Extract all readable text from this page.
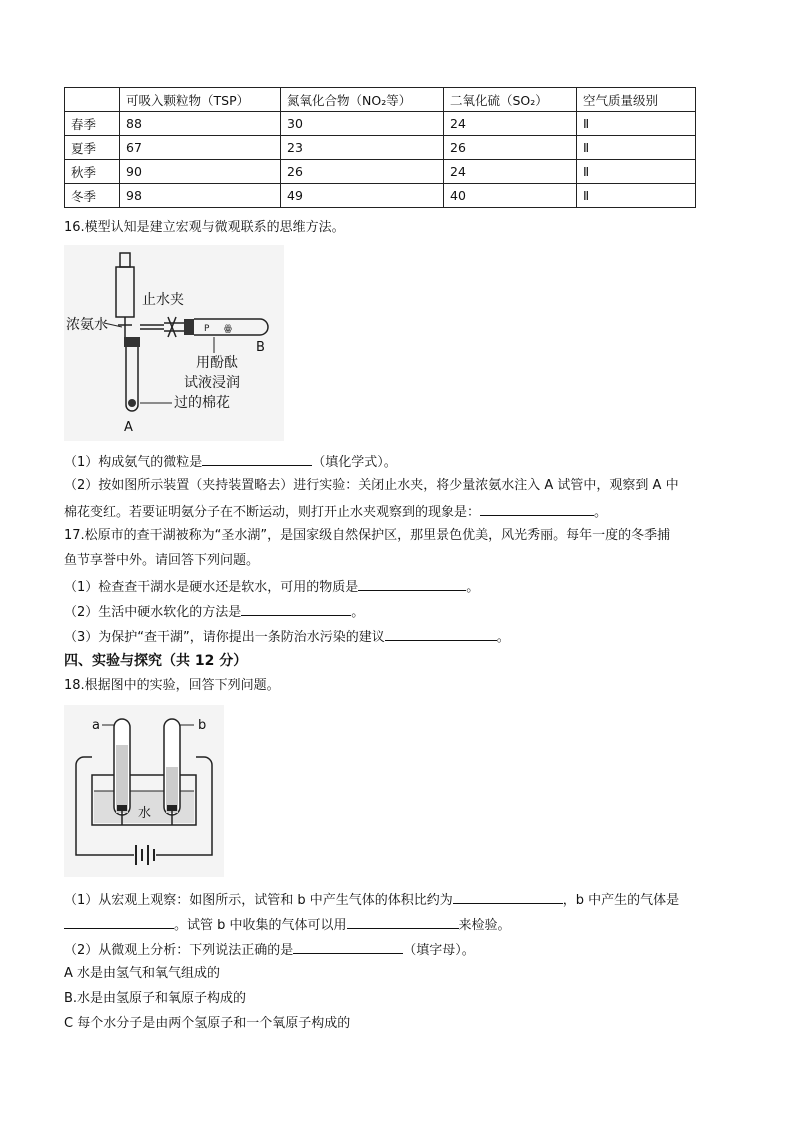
	可吸入颗粒物（TSP）	氮氧化合物（NO₂等）	二氧化硫（SO₂）	空气质量级别
春季	88	30	24	Ⅱ
夏季	67	23	26	Ⅱ
秋季	90	26	24	Ⅱ
冬季	98	49	40	Ⅱ
16.模型认知是建立宏观与微观联系的思维方法。
P ꙮ
止水夹
浓氨水
B
用酚酞
试液浸润
过的棉花
A
（1）构成氨气的微粒是	（填化学式）。
（2）按如图所示装置（夹持装置略去）进行实验：关闭止水夹，将少量浓氨水注入 A 试管中，观察到 A 中
棉花变红。若要证明氨分子在不断运动，则打开止水夹观察到的现象是：	。
17.松原市的查干湖被称为“圣水湖”，是国家级自然保护区，那里景色优美，风光秀丽。每年一度的冬季捕
鱼节享誉中外。请回答下列问题。
（1）检查查干湖水是硬水还是软水，可用的物质是	。
（2）生活中硬水软化的方法是	。
（3）为保护“查干湖”，请你提出一条防治水污染的建议	。
四、实验与探究（共 12 分）
18.根据图中的实验，回答下列问题。
a	b
水
（1）从宏观上观察：如图所示，试管和 b 中产生气体的体积比约为	，b 中产生的气体是
。试管 b 中收集的气体可以用	来检验。
（2）从微观上分析：下列说法正确的是	（填字母）。
A 水是由氢气和氧气组成的
B.水是由氢原子和氧原子构成的
C 每个水分子是由两个氢原子和一个氧原子构成的
